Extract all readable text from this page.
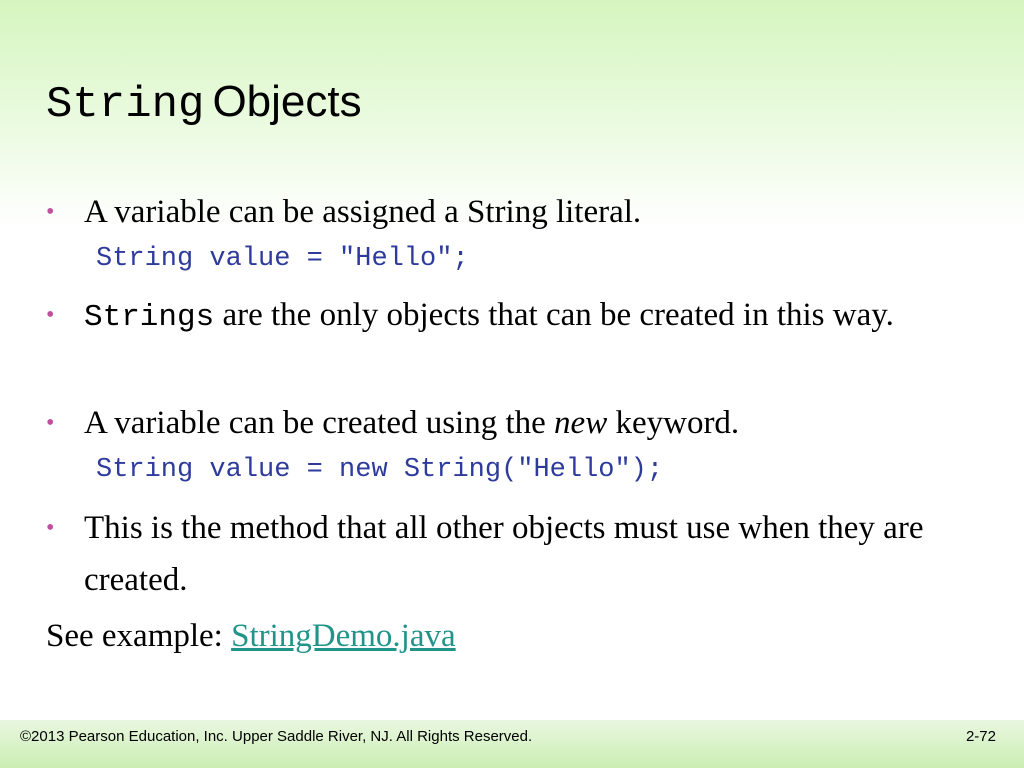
String Objects
• A variable can be assigned a String literal.
String value = "Hello";
• Strings are the only objects that can be created in this way.
• A variable can be created using the new keyword.
String value = new String("Hello");
• This is the method that all other objects must use when they are created.
See example: StringDemo.java
©2013 Pearson Education, Inc. Upper Saddle River, NJ. All Rights Reserved.	2-72
